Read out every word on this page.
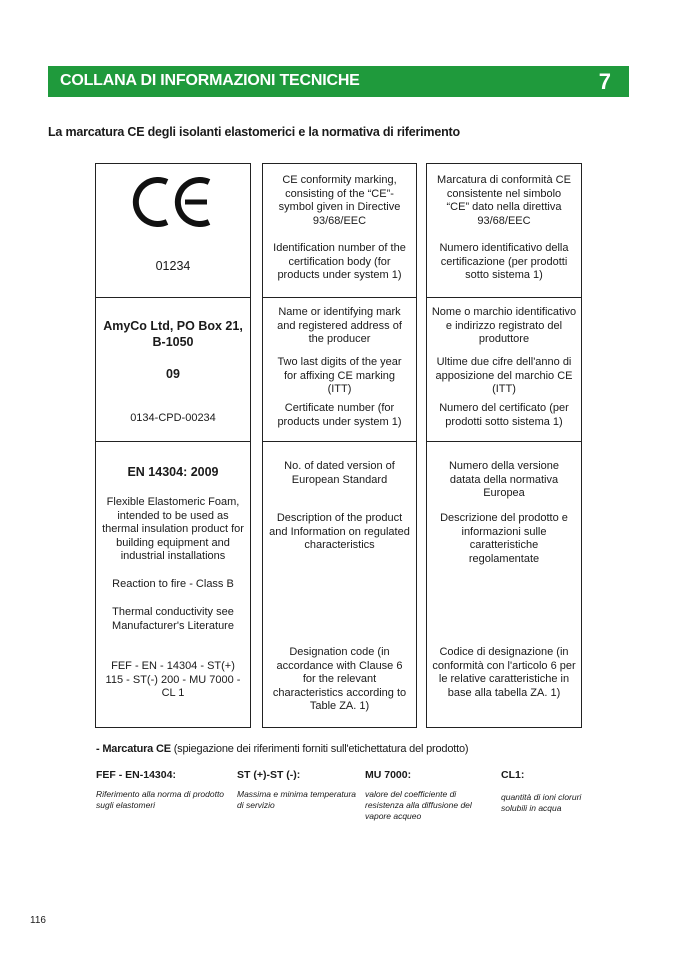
COLLANA DI INFORMAZIONI TECNICHE	7
La marcatura CE degli isolanti elastomerici e la normativa di riferimento
01234
AmyCo Ltd, PO Box 21, B-1050
09
0134-CPD-00234
EN 14304: 2009
Flexible Elastomeric Foam, intended to be used as thermal insulation product for building equipment and industrial installations
Reaction to fire - Class B
Thermal conductivity see Manufacturer's Literature
FEF - EN - 14304 - ST(+) 115 - ST(-) 200 - MU 7000 - CL 1
CE conformity marking, consisting of the “CE”-symbol given in Directive 93/68/EEC
Identification number of the certification body (for products under system 1)
Name or identifying mark and registered address of the producer
Two last digits of the year for affixing CE marking (ITT)
Certificate number (for products under system 1)
No. of dated version of European Standard
Description of the product and Information on regulated characteristics
Designation code (in accordance with Clause 6 for the relevant characteristics according to Table ZA. 1)
Marcatura di conformità CE consistente nel simbolo “CE” dato nella direttiva 93/68/EEC
Numero identificativo della certificazione (per prodotti sotto sistema 1)
Nome o marchio identificativo e indirizzo registrato del produttore
Ultime due cifre dell'anno di apposizione del marchio CE (ITT)
Numero del certificato (per prodotti sotto sistema 1)
Numero della versione datata della normativa Europea
Descrizione del prodotto e informazioni sulle caratteristiche regolamentate
Codice di designazione (in conformità con l'articolo 6 per le relative caratteristiche in base alla tabella ZA. 1)
- Marcatura CE (spiegazione dei riferimenti forniti sull'etichettatura del prodotto)
FEF - EN-14304:
Riferimento alla norma di prodotto sugli elastomeri
ST (+)-ST (-):
Massima e minima temperatura di servizio
MU 7000:
valore del coefficiente di resistenza alla diffusione del vapore acqueo
CL1:
quantità di ioni cloruri solubili in acqua
116
